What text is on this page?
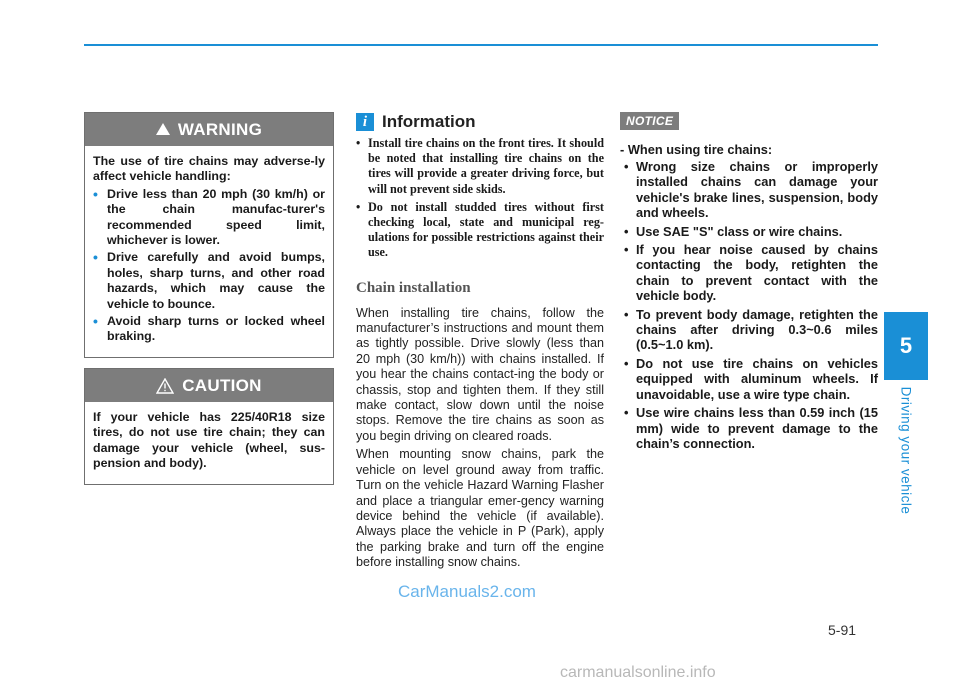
WARNING

The use of tire chains may adverse-ly affect vehicle handling:

• Drive less than 20 mph (30 km/h) or the chain manufac-turer's recommended speed limit, whichever is lower.
• Drive carefully and avoid bumps, holes, sharp turns, and other road hazards, which may cause the vehicle to bounce.
• Avoid sharp turns or locked wheel braking.
CAUTION

If your vehicle has 225/40R18 size tires, do not use tire chain; they can damage your vehicle (wheel, sus-pension and body).

i Information
• Install tire chains on the front tires. It should be noted that installing tire chains on the tires will provide a greater driving force, but will not prevent side skids.
• Do not install studded tires without first checking local, state and municipal reg-ulations for possible restrictions against their use.
Chain installation

When installing tire chains, follow the manufacturer’s instructions and mount them as tightly possible. Drive slowly (less than 20 mph (30 km/h)) with chains installed. If you hear the chains contact-ing the body or chassis, stop and tighten them. If they still make contact, slow down until the noise stops. Remove the tire chains as soon as you begin driving on cleared roads.

When mounting snow chains, park the vehicle on level ground away from traffic. Turn on the vehicle Hazard Warning Flasher and place a triangular emer-gency warning device behind the vehicle (if available). Always place the vehicle in P (Park), apply the parking brake and turn off the engine before installing snow chains.

NOTICE
- When using tire chains:
• Wrong size chains or improperly installed chains can damage your vehicle's brake lines, suspension, body and wheels.
• Use SAE "S" class or wire chains.
• If you hear noise caused by chains contacting the body, retighten the chain to prevent contact with the vehicle body.
• To prevent body damage, retighten the chains after driving 0.3~0.6 miles (0.5~1.0 km).
• Do not use tire chains on vehicles equipped with aluminum wheels. If unavoidable, use a wire type chain.
• Use wire chains less than 0.59 inch (15 mm) wide to prevent damage to the chain’s connection.
5
Driving your vehicle
5-91
CarManuals2.com
carmanualsonline.info
